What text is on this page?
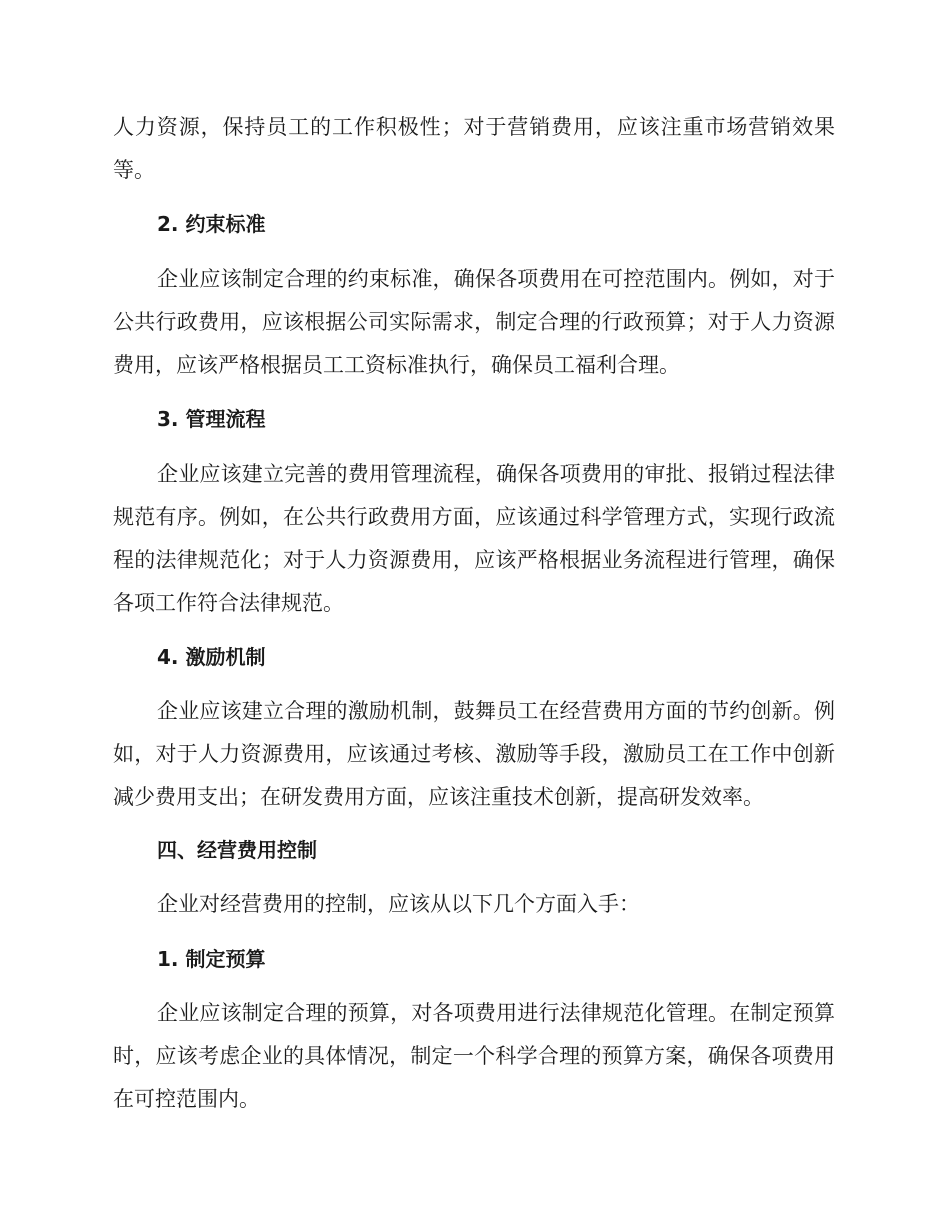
人力资源，保持员工的工作积极性；对于营销费用，应该注重市场营销效果等。

2. 约束标准

企业应该制定合理的约束标准，确保各项费用在可控范围内。例如，对于公共行政费用，应该根据公司实际需求，制定合理的行政预算；对于人力资源费用，应该严格根据员工工资标准执行，确保员工福利合理。

3. 管理流程

企业应该建立完善的费用管理流程，确保各项费用的审批、报销过程法律规范有序。例如，在公共行政费用方面，应该通过科学管理方式，实现行政流程的法律规范化；对于人力资源费用，应该严格根据业务流程进行管理，确保各项工作符合法律规范。

4. 激励机制

企业应该建立合理的激励机制，鼓舞员工在经营费用方面的节约创新。例如，对于人力资源费用，应该通过考核、激励等手段，激励员工在工作中创新减少费用支出；在研发费用方面，应该注重技术创新，提高研发效率。

四、经营费用控制

企业对经营费用的控制，应该从以下几个方面入手：

1. 制定预算

企业应该制定合理的预算，对各项费用进行法律规范化管理。在制定预算时，应该考虑企业的具体情况，制定一个科学合理的预算方案，确保各项费用在可控范围内。
